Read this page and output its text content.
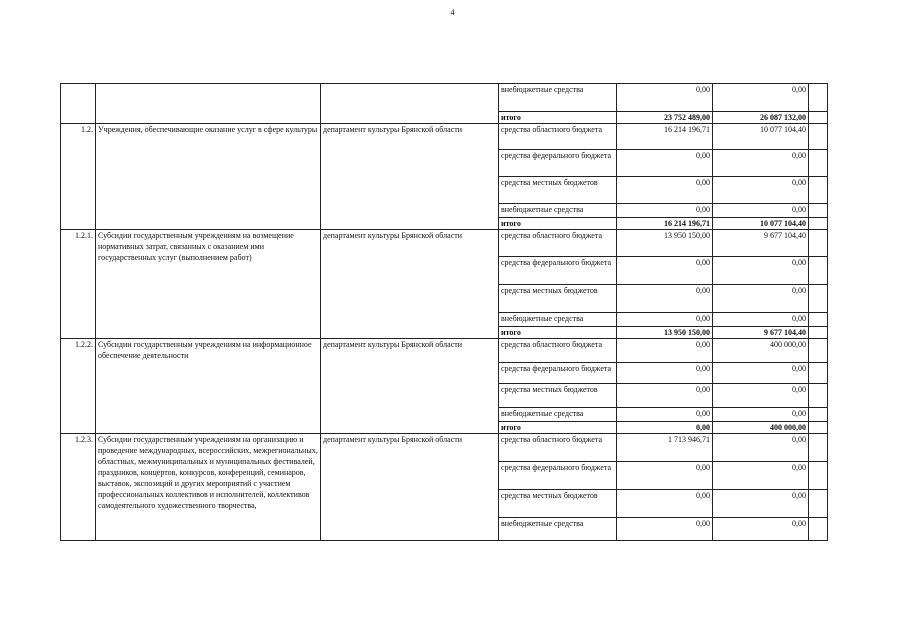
4
			внебюджетные средства	0,00	0,00	
			итого	23 752 489,00	26 087 132,00	
1.2.	Учреждения, обеспечивающие оказание услуг в сфере культуры	департамент культуры Брянской области	средства областного бюджета	16 214 196,71	10 077 104,40	
			средства федерального бюджета	0,00	0,00	
			средства местных бюджетов	0,00	0,00	
			внебюджетные средства	0,00	0,00	
			итого	16 214 196,71	10 077 104,40	
1.2.1.	Субсидии государственным учреждениям на возмещение нормативных затрат, связанных с оказанием ими государственных услуг (выполнением работ)	департамент культуры Брянской области	средства областного бюджета	13 950 150,00	9 677 104,40	
			средства федерального бюджета	0,00	0,00	
			средства местных бюджетов	0,00	0,00	
			внебюджетные средства	0,00	0,00	
			итого	13 950 150,00	9 677 104,40	
1.2.2.	Субсидии государственным учреждениям на информационное обеспечение деятельности	департамент культуры Брянской области	средства областного бюджета	0,00	400 000,00	
			средства федерального бюджета	0,00	0,00	
			средства местных бюджетов	0,00	0,00	
			внебюджетные средства	0,00	0,00	
			итого	0,00	400 000,00	
1.2.3.	Субсидии государственным учреждениям на организацию и проведение международных, всероссийских, межрегиональных, областных, межмуниципальных и муниципальных фестивалей, праздников, концертов, конкурсов, конференций, семинаров, выставок, экспозиций и других мероприятий с участием профессиональных коллективов и исполнителей, коллективов самодеятельного художественного творчества,	департамент культуры Брянской области	средства областного бюджета	1 713 946,71	0,00	
			средства федерального бюджета	0,00	0,00	
			средства местных бюджетов	0,00	0,00	
			внебюджетные средства	0,00	0,00	
